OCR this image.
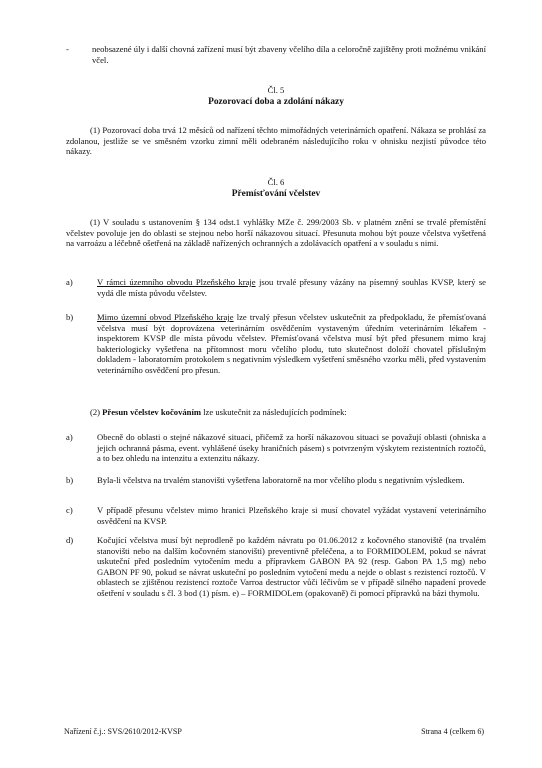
-	neobsazené úly i další chovná zařízení musí být zbaveny včelího díla a celoročně zajištěny proti možnému vnikání včel.
Čl. 5
Pozorovací doba a zdolání nákazy
(1) Pozorovací doba trvá 12 měsíců od nařízení těchto mimořádných veterinárních opatření. Nákaza se prohlásí za zdolanou, jestliže se ve směsném vzorku zimní měli odebraném následujícího roku v ohnisku nezjistí původce této nákazy.
Čl. 6
Přemísťování včelstev
(1) V souladu s ustanovením § 134 odst.1 vyhlášky MZe č. 299/2003 Sb. v platném znění se trvalé přemístění včelstev povoluje jen do oblasti se stejnou nebo horší nákazovou situací. Přesunuta mohou být pouze včelstva vyšetřená na varroázu a léčebně ošetřená na základě nařízených ochranných a zdolávacích opatření a v souladu s nimi.
a)	V rámci územního obvodu Plzeňského kraje jsou trvalé přesuny vázány na písemný souhlas KVSP, který se vydá dle místa původu včelstev.
b)	Mimo územní obvod Plzeňského kraje lze trvalý přesun včelstev uskutečnit za předpokladu, že přemísťovaná včelstva musí být doprovázena veterinárním osvědčením vystaveným úředním veterinárním lékařem - inspektorem KVSP dle místa původu včelstev. Přemísťovaná včelstva musí být před přesunem mimo kraj bakteriologicky vyšetřena na přítomnost moru včelího plodu, tuto skutečnost doloží chovatel příslušným dokladem - laboratorním protokolem s negativním výsledkem vyšetření směsného vzorku měli, před vystavením veterinárního osvědčení pro přesun.
(2) Přesun včelstev kočováním lze uskutečnit za následujících podmínek:
a)	Obecně do oblasti o stejné nákazové situaci, přičemž za horší nákazovou situaci se považují oblasti (ohniska a jejich ochranná pásma, event. vyhlášené úseky hraničních pásem) s potvrzeným výskytem rezistentních roztočů, a to bez ohledu na intenzitu a extenzitu nákazy.
b)	Byla-li včelstva na trvalém stanovišti vyšetřena laboratorně na mor včelího plodu s negativním výsledkem.
c)	V případě přesunu včelstev mimo hranici Plzeňského kraje si musí chovatel vyžádat vystavení veterinárního osvědčení na KVSP.
d)	Kočující včelstva musí být neprodleně po každém návratu po 01.06.2012 z kočovného stanoviště (na trvalém stanovišti nebo na dalším kočovném stanovišti) preventivně přeléčena, a to FORMIDOLEM, pokud se návrat uskuteční před posledním vytočením medu a přípravkem GABON PA 92 (resp. Gabon PA 1,5 mg) nebo GABON PF 90, pokud se návrat uskuteční po posledním vytočení medu a nejde o oblast s rezistencí roztočů. V oblastech se zjištěnou rezistencí roztoče Varroa destructor vůči léčivům se v případě silného napadení provede ošetření v souladu s čl. 3 bod (1) písm. e) – FORMIDOLem (opakovaně) či pomocí přípravků na bázi thymolu.
Nařízení č.j.: SVS/2610/2012-KVSP	Strana 4 (celkem 6)
